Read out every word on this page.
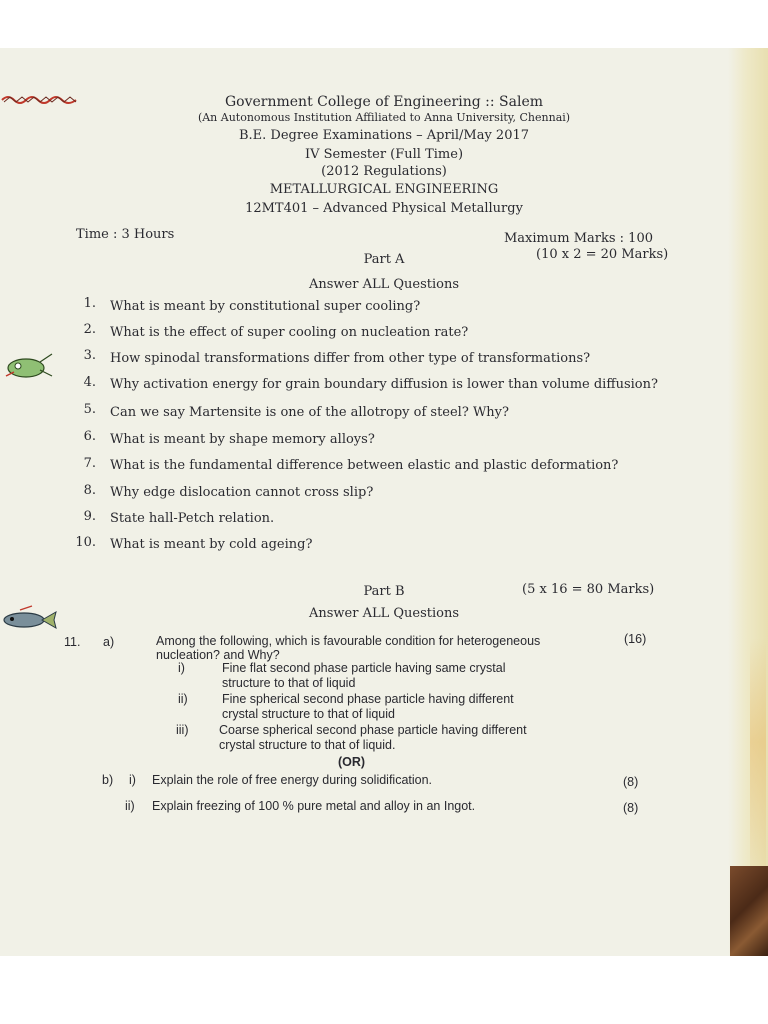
Government College of Engineering :: Salem
(An Autonomous Institution Affiliated to Anna University, Chennai)
B.E. Degree Examinations – April/May 2017
IV Semester (Full Time)
(2012 Regulations)
METALLURGICAL ENGINEERING
12MT401 – Advanced Physical Metallurgy
Time : 3 Hours	Maximum Marks : 100
Part A	(10 x 2 = 20 Marks)
Answer ALL Questions
1. What is meant by constitutional super cooling?
2. What is the effect of super cooling on nucleation rate?
3. How spinodal transformations differ from other type of transformations?
4. Why activation energy for grain boundary diffusion is lower than volume diffusion?
5. Can we say Martensite is one of the allotropy of steel? Why?
6. What is meant by shape memory alloys?
7. What is the fundamental difference between elastic and plastic deformation?
8. Why edge dislocation cannot cross slip?
9. State hall-Petch relation.
10. What is meant by cold ageing?
Part B	(5 x 16 = 80 Marks)
Answer ALL Questions
11. a)	Among the following, which is favourable condition for heterogeneous
nucleation? and Why?
(16)
i)	Fine flat second phase particle having same crystal
structure to that of liquid
ii)	Fine spherical second phase particle having different
crystal structure to that of liquid
iii) Coarse spherical second phase particle having different
crystal structure to that of liquid.
(OR)
b) i) Explain the role of free energy during solidification.	(8)
ii) Explain freezing of 100 % pure metal and alloy in an Ingot.	(8)
